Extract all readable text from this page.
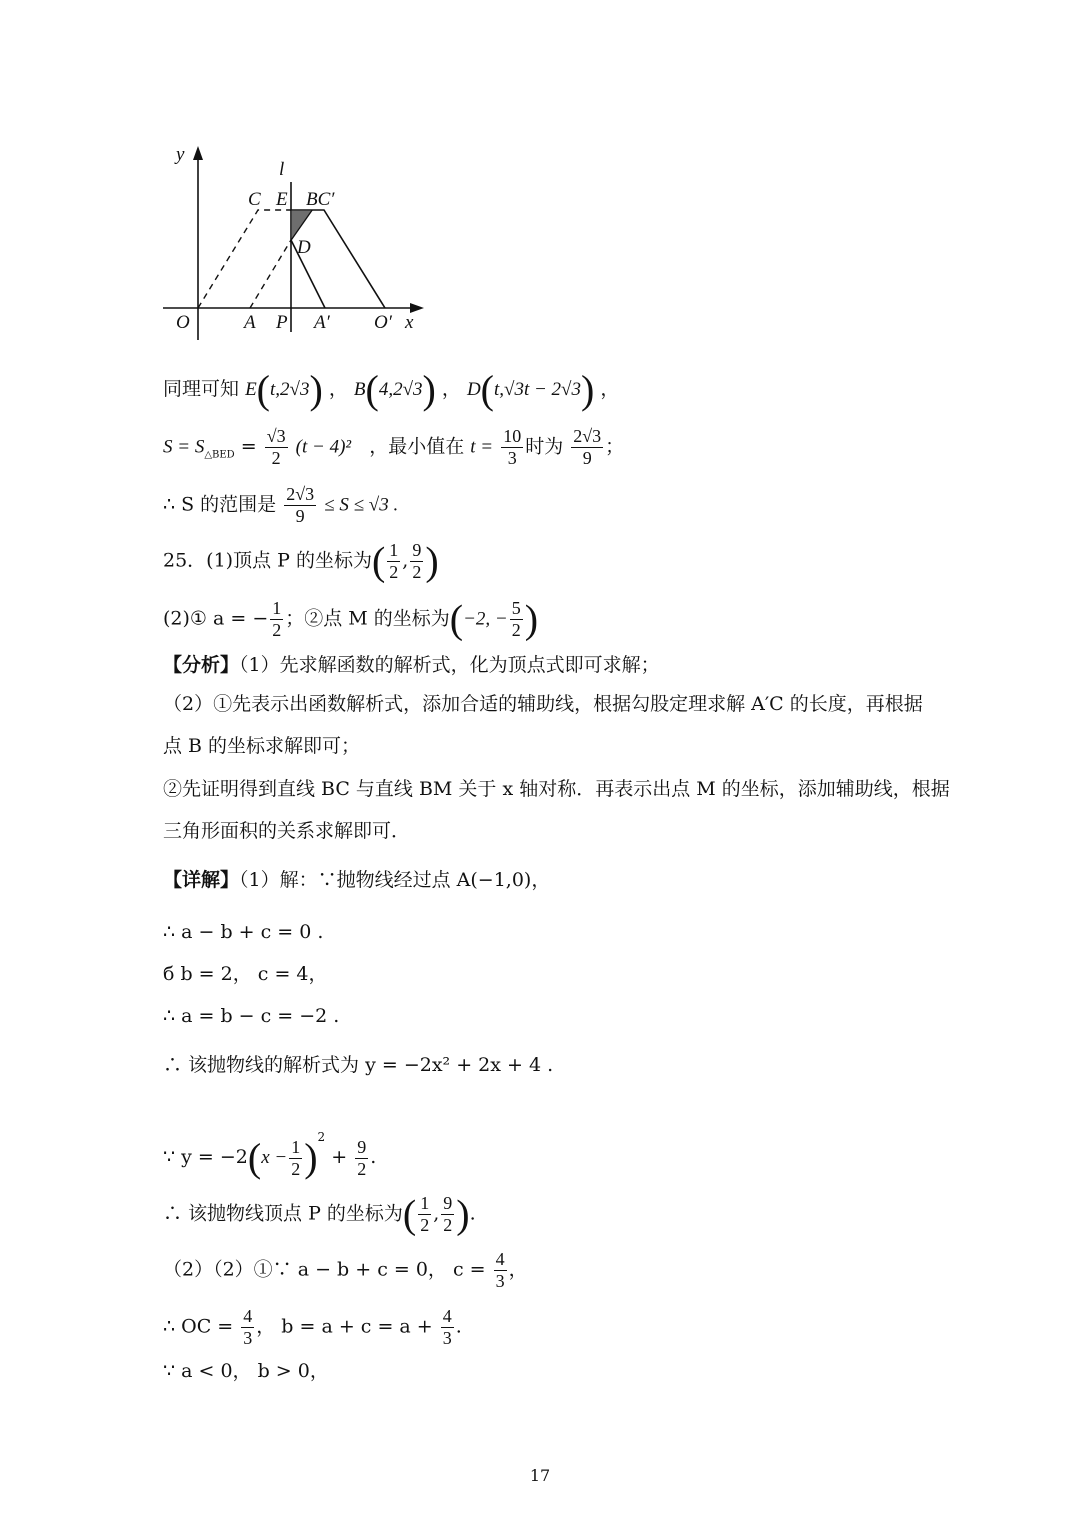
y
l
C E BC′
D
O	A P A′ O′ x
同理可知 E(t,2√3) ， B(4,2√3) ， D(t,√3t − 2√3) ，
$S = S_{\triangle BED} = \frac{√3}{2} (t - 4)^2$ ，最小值在 $t = \frac{10}{3}$ 时为 $\frac{2√3}{9}$ ；
∴ S 的范围是 $\frac{2√3}{9} \le S \le √3$ .
25．(1)顶点 P 的坐标为( $\frac{1}{2}$ , $\frac{9}{2}$ )
(2)① a = − $\frac{1}{2}$ ；②点 M 的坐标为(−2, − $\frac{5}{2}$ )
【分析】（1）先求解函数的解析式，化为顶点式即可求解；
（2）①先表示出函数解析式，添加合适的辅助线，根据勾股定理求解 A′C 的长度，再根据
点 B 的坐标求解即可；
②先证明得到直线 BC 与直线 BM 关于 x 轴对称．再表示出点 M 的坐标，添加辅助线，根据
三角形面积的关系求解即可．
【详解】（1）解：∵抛物线经过点 A(−1,0)，
∴ a − b + c = 0 .
б b = 2， c = 4，
∴ a = b − c = −2 .
∴ 该抛物线的解析式为 y = −2x² + 2x + 4 .
∵ $y = -2(x - \frac{1}{2} )^2 + \frac{9}{2}$ .
∴ 该抛物线顶点 P 的坐标为( $\frac{1}{2}$ , $\frac{9}{2}$ ).
（2）（2）①∵ a − b + c = 0， $c = \frac{4}{3}$ ，
∴ OC = $\frac{4}{3}$ ， $b = a + c = a + \frac{4}{3}$ .
∵ a < 0， b > 0，
17
